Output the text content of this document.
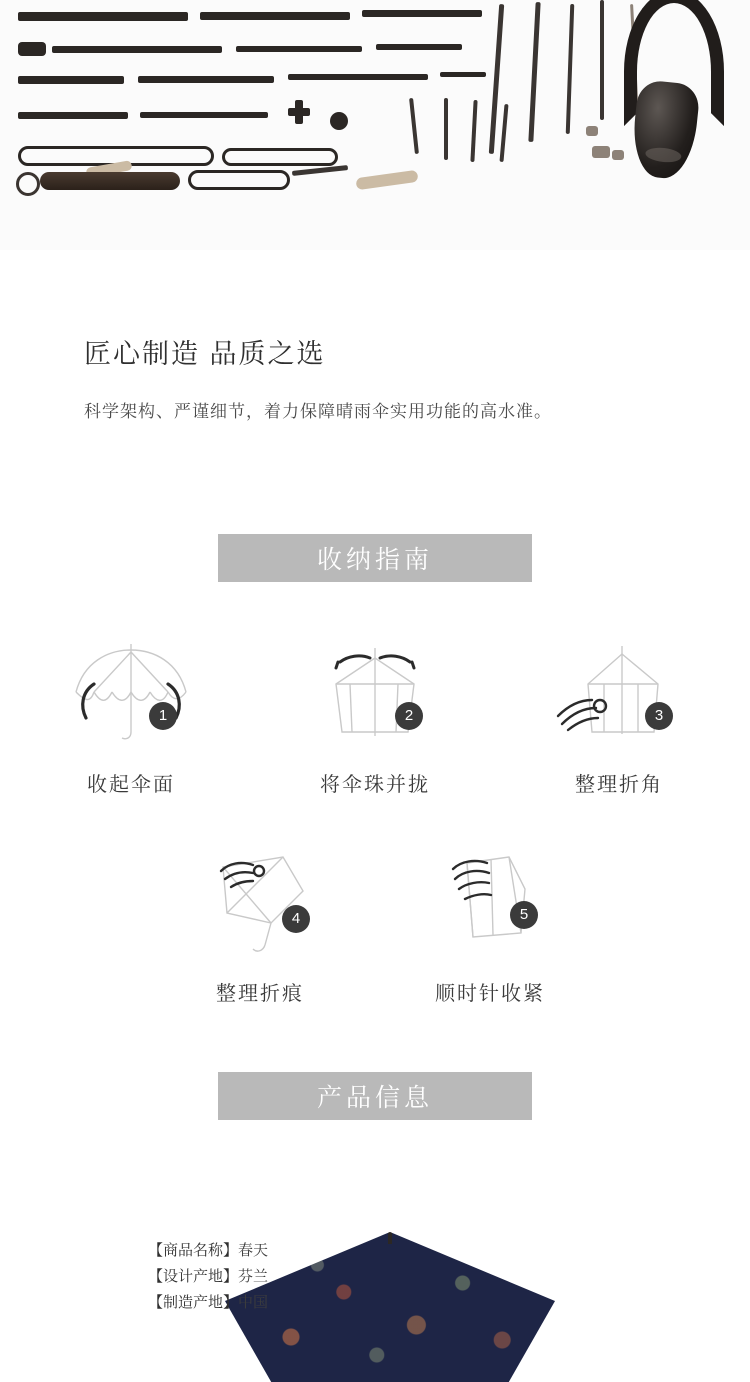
匠心制造 品质之选

科学架构、严谨细节，着力保障晴雨伞实用功能的高水准。

收纳指南
1
收起伞面
2
将伞珠并拢
3
整理折角
4
整理折痕
5
顺时针收紧
产品信息
【商品名称】春天
【设计产地】芬兰
【制造产地】中国
